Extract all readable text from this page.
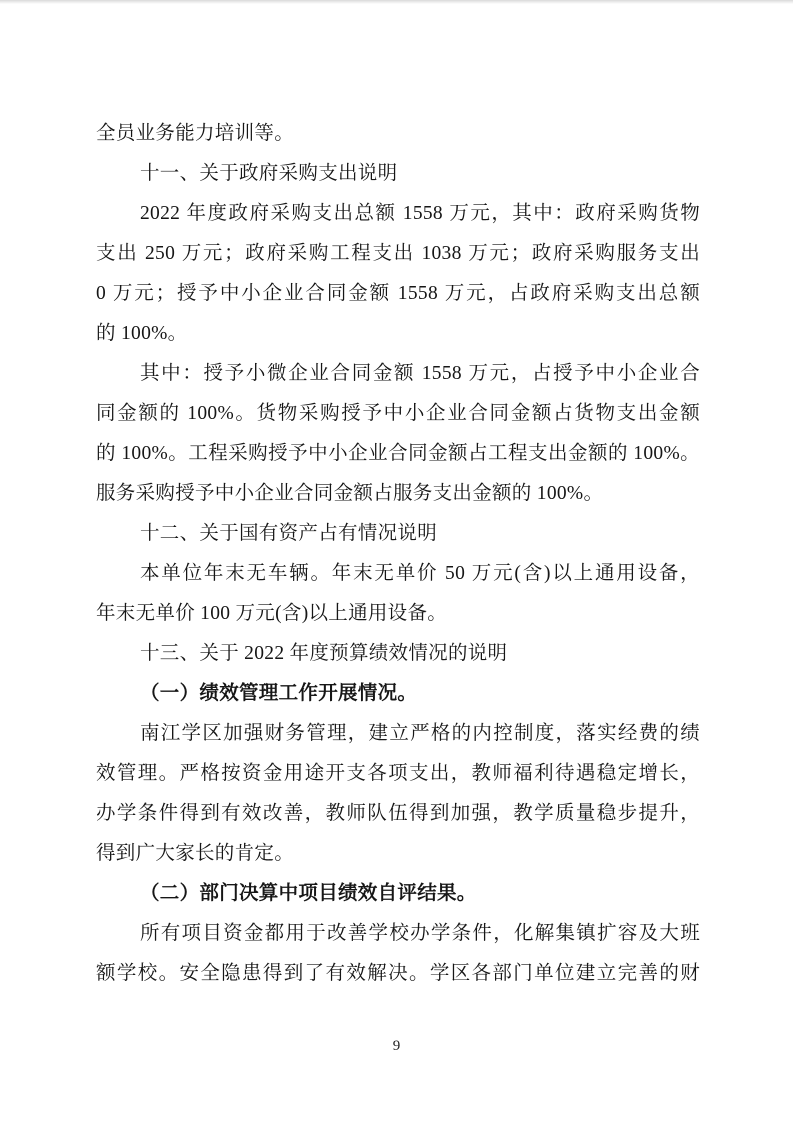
全员业务能力培训等。
十一、关于政府采购支出说明
2022 年度政府采购支出总额 1558 万元，其中：政府采购货物
支出 250 万元；政府采购工程支出 1038 万元；政府采购服务支出
0 万元；授予中小企业合同金额 1558 万元，占政府采购支出总额
的 100%。
其中：授予小微企业合同金额 1558 万元，占授予中小企业合
同金额的 100%。货物采购授予中小企业合同金额占货物支出金额
的 100%。工程采购授予中小企业合同金额占工程支出金额的 100%。
服务采购授予中小企业合同金额占服务支出金额的 100%。
十二、关于国有资产占有情况说明
本单位年末无车辆。年末无单价 50 万元(含)以上通用设备，
年末无单价 100 万元(含)以上通用设备。
十三、关于 2022 年度预算绩效情况的说明
（一）绩效管理工作开展情况。
南江学区加强财务管理，建立严格的内控制度，落实经费的绩
效管理。严格按资金用途开支各项支出，教师福利待遇稳定增长，
办学条件得到有效改善，教师队伍得到加强，教学质量稳步提升，
得到广大家长的肯定。
（二）部门决算中项目绩效自评结果。
所有项目资金都用于改善学校办学条件，化解集镇扩容及大班
额学校。安全隐患得到了有效解决。学区各部门单位建立完善的财
9
